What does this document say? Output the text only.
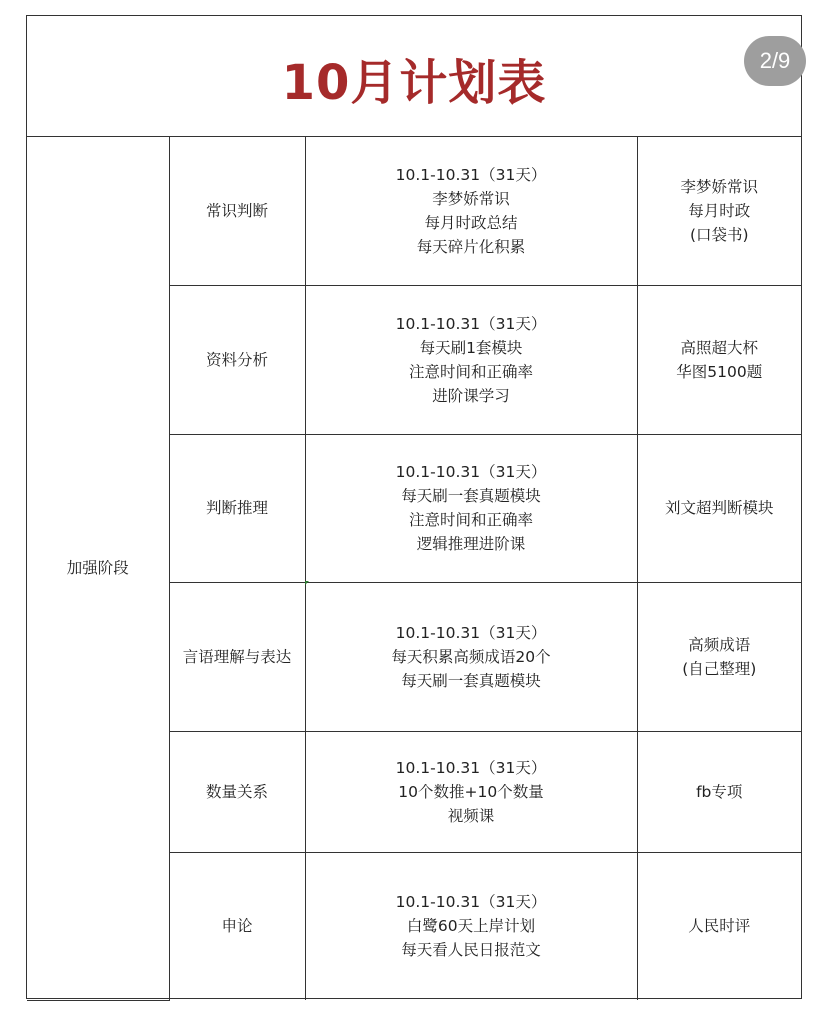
10月计划表
加强阶段	常识判断	10.1-10.31（31天）
李梦娇常识
每月时政总结
每天碎片化积累	李梦娇常识
每月时政
(口袋书)

	资料分析	10.1-10.31（31天）
每天刷1套模块
注意时间和正确率
进阶课学习	高照超大杯
华图5100题

	判断推理	10.1-10.31（31天）
每天刷一套真题模块
注意时间和正确率
逻辑推理进阶课	刘文超判断模块

	言语理解与表达	10.1-10.31（31天）
每天积累高频成语20个
每天刷一套真题模块	高频成语
(自己整理)

	数量关系	10.1-10.31（31天）
10个数推+10个数量
视频课	fb专项

	申论	10.1-10.31（31天）
白鹭60天上岸计划
每天看人民日报范文	人民时评
2/9
